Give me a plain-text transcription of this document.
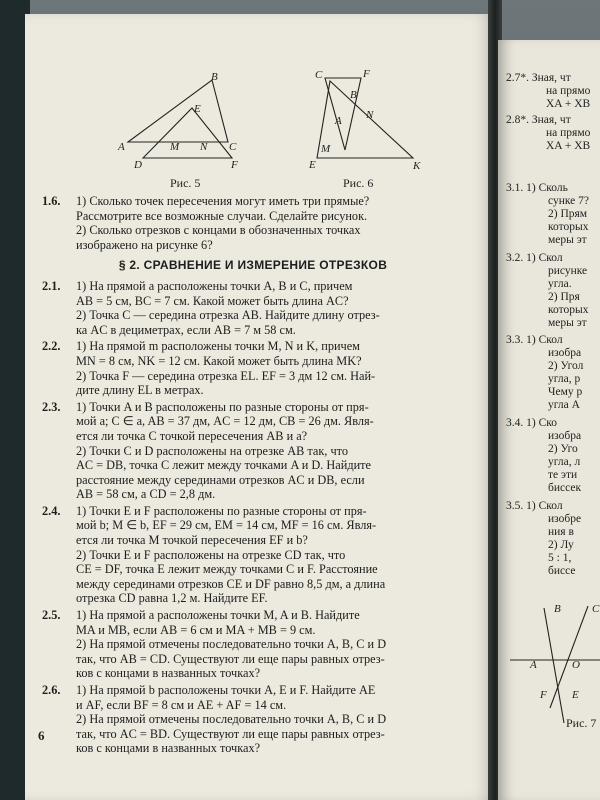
B
E
A	M N C
D	F
Рис. 5
C	F
B
N
A
M
E	K
Рис. 6
1.6. 1) Сколько точек пересечения могут иметь три прямые?
Рассмотрите все возможные случаи. Сделайте рисунок.
2) Сколько отрезков с концами в обозначенных точках
изображено на рисунке 6?
§ 2. СРАВНЕНИЕ И ИЗМЕРЕНИЕ ОТРЕЗКОВ
2.1. 1) На прямой a расположены точки A, B и C, причем
AB = 5 см, BC = 7 см. Какой может быть длина AC?
2) Точка C — середина отрезка AB. Найдите длину отрез-
ка AC в дециметрах, если AB = 7 м 58 см.
2.2. 1) На прямой m расположены точки M, N и K, причем
MN = 8 см, NK = 12 см. Какой может быть длина MK?
2) Точка F — середина отрезка EL. EF = 3 дм 12 см. Най-
дите длину EL в метрах.
2.3. 1) Точки A и B расположены по разные стороны от пря-
мой a; C ∈ a, AB = 37 дм, AC = 12 дм, CB = 26 дм. Явля-
ется ли точка C точкой пересечения AB и a?
2) Точки C и D расположены на отрезке AB так, что
AC = DB, точка C лежит между точками A и D. Найдите
расстояние между серединами отрезков AC и DB, если
AB = 58 см, а CD = 2,8 дм.
2.4. 1) Точки E и F расположены по разные стороны от пря-
мой b; M ∈ b, EF = 29 см, EM = 14 см, MF = 16 см. Явля-
ется ли точка M точкой пересечения EF и b?
2) Точки E и F расположены на отрезке CD так, что
CE = DF, точка E лежит между точками C и F. Расстояние
между серединами отрезков CE и DF равно 8,5 дм, а длина
отрезка CD равна 1,2 м. Найдите EF.
2.5. 1) На прямой a расположены точки M, A и B. Найдите
MA и MB, если AB = 6 см и MA + MB = 9 см.
2) На прямой отмечены последовательно точки A, B, C и D
так, что AB = CD. Существуют ли еще пары равных отрез-
ков с концами в названных точках?
2.6. 1) На прямой b расположены точки A, E и F. Найдите AE
и AF, если BF = 8 см и AE + AF = 14 см.
2) На прямой отмечены последовательно точки A, B, C и D
так, что AC = BD. Существуют ли еще пары равных отрез-
ков с концами в названных точках?
6
2.7*. Зная, чт
на прямо
XA + XB
2.8*. Зная, чт
на прямо
XA + XB
3.1. 1) Сколь
сунке 7?
2) Прям
которых
меры эт
3.2. 1) Скол
рисунке
угла.
2) Пря
которых
меры эт
3.3. 1) Скол
изобра
2) Угол
угла, р
Чему р
угла А
3.4. 1) Ско
изобра
2) Уго
угла, л
те эти
биссек
3.5. 1) Скол
изобре
ния в
2) Лу
5 : 1,
биссе
B	C
A	O
F E
Рис. 7
